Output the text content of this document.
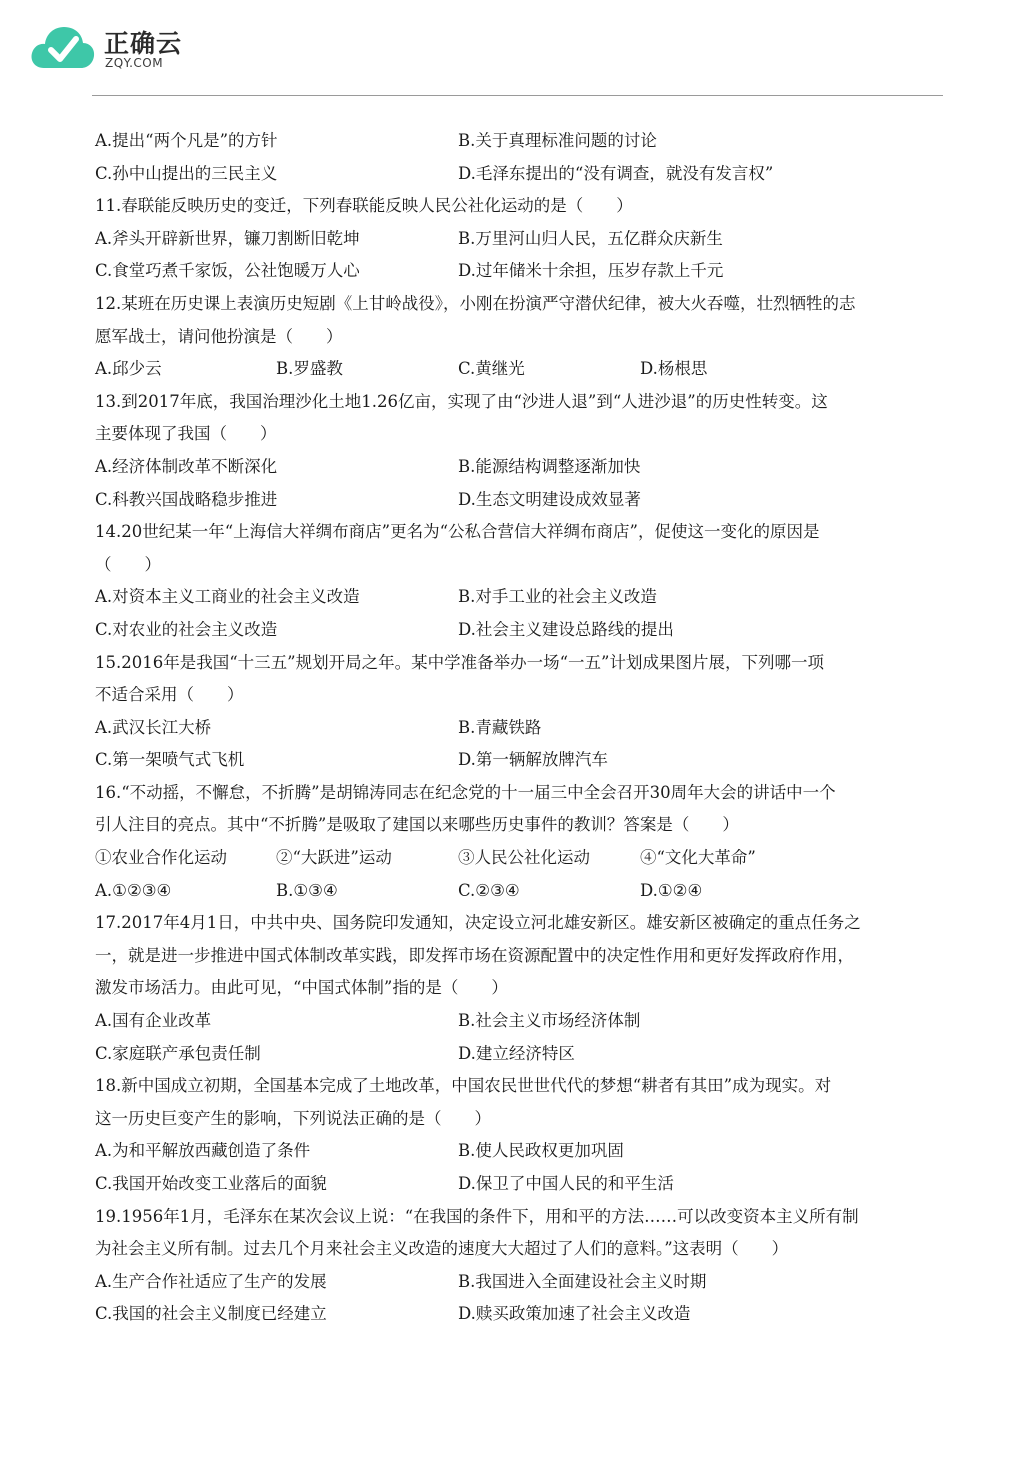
正确云
ZQY.COM
A.提出“两个凡是”的方针	B.关于真理标准问题的讨论
C.孙中山提出的三民主义	D.毛泽东提出的“没有调查，就没有发言权”
11.春联能反映历史的变迁，下列春联能反映人民公社化运动的是（　　）
A.斧头开辟新世界，镰刀割断旧乾坤	B.万里河山归人民，五亿群众庆新生
C.食堂巧煮千家饭，公社饱暖万人心	D.过年储米十余担，压岁存款上千元
12.某班在历史课上表演历史短剧《上甘岭战役》，小刚在扮演严守潜伏纪律，被大火吞噬，壮烈牺牲的志
愿军战士，请问他扮演是（　　）
A.邱少云	B.罗盛教	C.黄继光	D.杨根思
13.到2017年底，我国治理沙化土地1.26亿亩，实现了由“沙进人退”到“人进沙退”的历史性转变。这
主要体现了我国（　　）
A.经济体制改革不断深化	B.能源结构调整逐渐加快
C.科教兴国战略稳步推进	D.生态文明建设成效显著
14.20世纪某一年“上海信大祥绸布商店”更名为“公私合营信大祥绸布商店”，促使这一变化的原因是
（　　）
A.对资本主义工商业的社会主义改造	B.对手工业的社会主义改造
C.对农业的社会主义改造	D.社会主义建设总路线的提出
15.2016年是我国“十三五”规划开局之年。某中学准备举办一场“一五”计划成果图片展，下列哪一项
不适合采用（　　）
A.武汉长江大桥	B.青藏铁路
C.第一架喷气式飞机	D.第一辆解放牌汽车
16.“不动摇，不懈怠，不折腾”是胡锦涛同志在纪念党的十一届三中全会召开30周年大会的讲话中一个
引人注目的亮点。其中“不折腾”是吸取了建国以来哪些历史事件的教训？答案是（　　）
①农业合作化运动	②“大跃进”运动	③人民公社化运动	④“文化大革命”
A.①②③④	B.①③④	C.②③④	D.①②④
17.2017年4月1日，中共中央、国务院印发通知，决定设立河北雄安新区。雄安新区被确定的重点任务之
一，就是进一步推进中国式体制改革实践，即发挥市场在资源配置中的决定性作用和更好发挥政府作用，
激发市场活力。由此可见，“中国式体制”指的是（　　）
A.国有企业改革	B.社会主义市场经济体制
C.家庭联产承包责任制	D.建立经济特区
18.新中国成立初期，全国基本完成了土地改革，中国农民世世代代的梦想“耕者有其田”成为现实。对
这一历史巨变产生的影响，下列说法正确的是（　　）
A.为和平解放西藏创造了条件	B.使人民政权更加巩固
C.我国开始改变工业落后的面貌	D.保卫了中国人民的和平生活
19.1956年1月，毛泽东在某次会议上说：“在我国的条件下，用和平的方法……可以改变资本主义所有制
为社会主义所有制。过去几个月来社会主义改造的速度大大超过了人们的意料。”这表明（　　）
A.生产合作社适应了生产的发展	B.我国进入全面建设社会主义时期
C.我国的社会主义制度已经建立	D.赎买政策加速了社会主义改造
